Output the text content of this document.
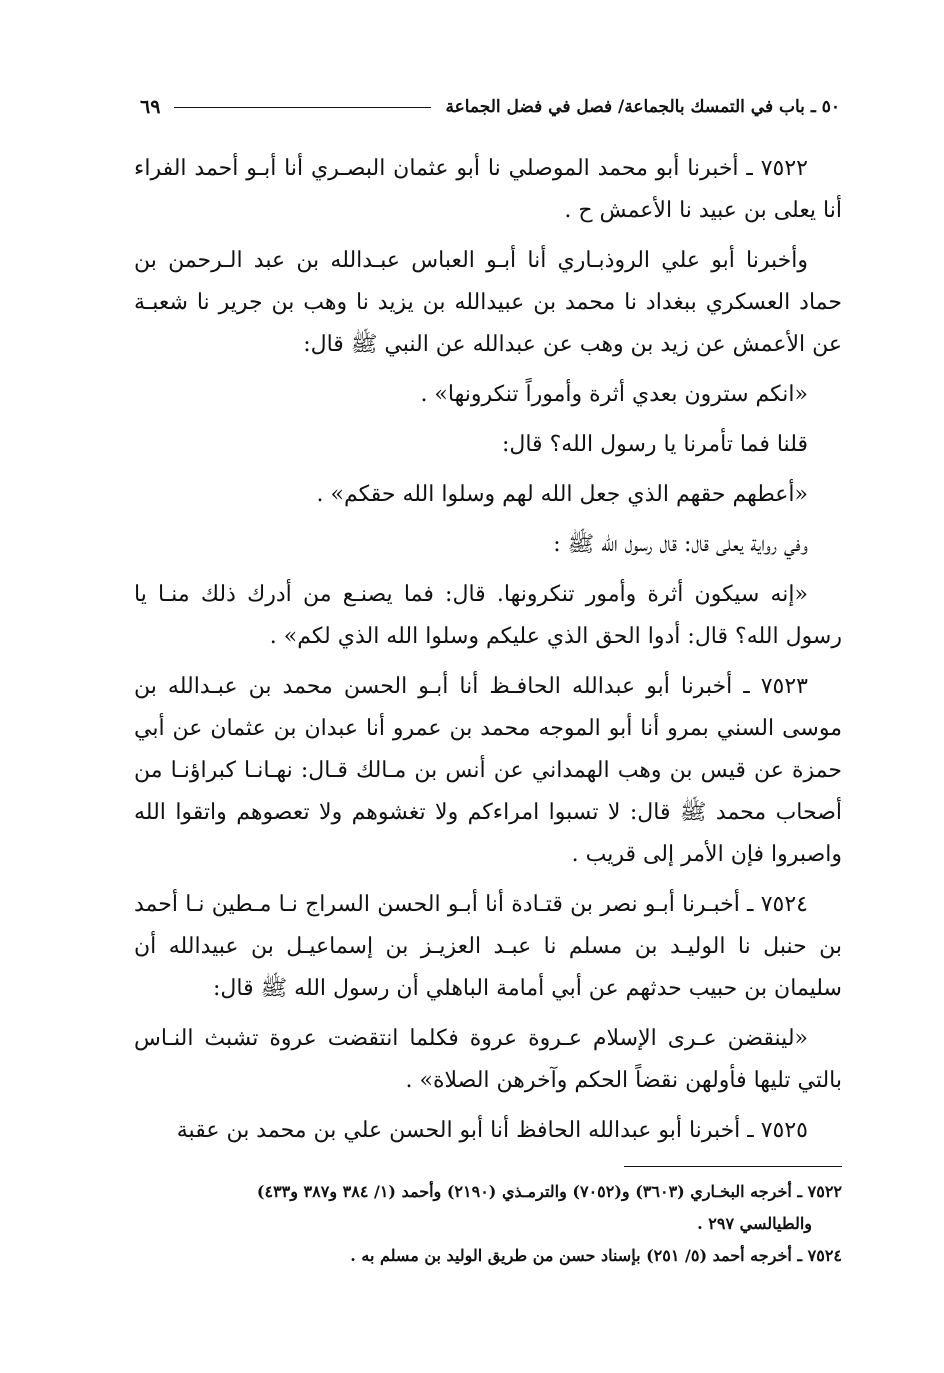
٥٠ ـ باب في التمسك بالجماعة/ فصل في فضل الجماعة
٦٩

٧٥٢٢ ـ أخبرنا أبو محمد الموصلي نا أبو عثمان البصـري أنا أبـو أحمد الفراء أنا يعلى بن عبيد نا الأعمش ح .

وأخبرنا أبو علي الروذبـاري أنا أبـو العباس عبـدالله بن عبد الـرحمن بن حماد العسكري ببغداد نا محمد بن عبيدالله بن يزيد نا وهب بن جرير نا شعبـة عن الأعمش عن زيد بن وهب عن عبدالله عن النبي ﷺ قال:

«انكم سترون بعدي أثرة وأموراً تنكرونها» .

قلنا فما تأمرنا يا رسول الله؟ قال:

«أعطهم حقهم الذي جعل الله لهم وسلوا الله حقكم» .

وفي رواية يعلى قال: قال رسول الله ﷺ :

«إنه سيكون أثرة وأمور تنكرونها. قال: فما يصنـع من أدرك ذلك منـا يا رسول الله؟ قال: أدوا الحق الذي عليكم وسلوا الله الذي لكم» .

٧٥٢٣ ـ أخبرنا أبو عبدالله الحافـظ أنا أبـو الحسن محمد بن عبـدالله بن موسى السني بمرو أنا أبو الموجه محمد بن عمرو أنا عبدان بن عثمان عن أبي حمزة عن قيس بن وهب الهمداني عن أنس بن مـالك قـال: نهـانـا كبراؤنـا من أصحاب محمد ﷺ قال: لا تسبوا امراءكم ولا تغشوهم ولا تعصوهم واتقوا الله واصبروا فإن الأمر إلى قريب .

٧٥٢٤ ـ أخبـرنا أبـو نصر بن قتـادة أنا أبـو الحسن السراج نـا مـطين نـا أحمد بن حنبل نا الوليـد بن مسلم نا عبـد العزيـز بن إسماعيـل بن عبيدالله أن سليمان بن حبيب حدثهم عن أبي أمامة الباهلي أن رسول الله ﷺ قال:

«لينقضن عـرى الإسلام عـروة عروة فكلما انتقضت عروة تشبث النـاس بالتي تليها فأولهن نقضاً الحكم وآخرهن الصلاة» .

٧٥٢٥ ـ أخبرنا أبو عبدالله الحافظ أنا أبو الحسن علي بن محمد بن عقبة

٧٥٢٢ ـ أخرجه البخـاري (٣٦٠٣) و(٧٠٥٢) والترمـذي (٢١٩٠) وأحمد (١/ ٣٨٤ و٣٨٧ و٤٣٣)

والطيالسي ٢٩٧ .

٧٥٢٤ ـ أخرجه أحمد (٥/ ٢٥١) بإسناد حسن من طريق الوليد بن مسلم به .
